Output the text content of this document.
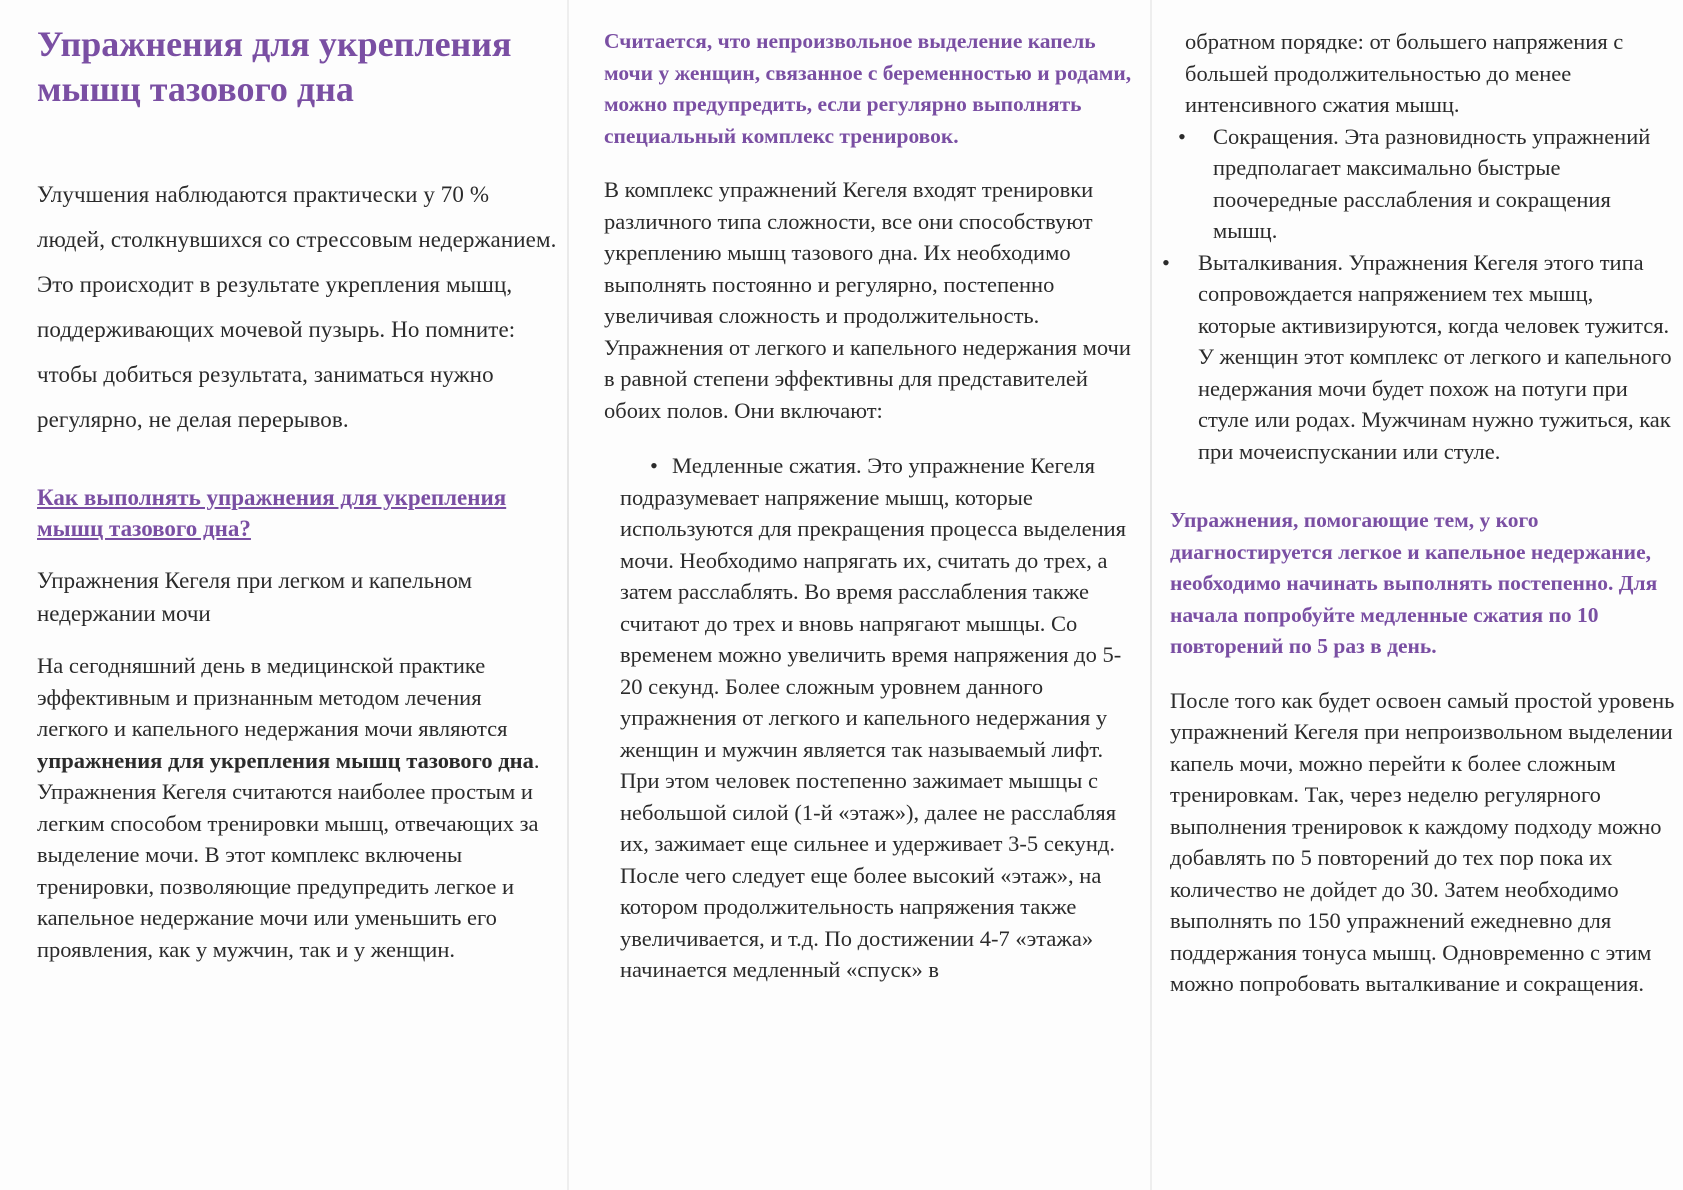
Упражнения для укрепления мышц тазового дна

Улучшения наблюдаются практически у 70 % людей, столкнувшихся со стрессовым недержанием. Это происходит в результате укрепления мышц, поддерживающих мочевой пузырь. Но помните: чтобы добиться результата, заниматься нужно регулярно, не делая перерывов.

Как выполнять упражнения для укрепления мышц тазового дна?

Упражнения Кегеля при легком и капельном недержании мочи

На сегодняшний день в медицинской практике эффективным и признанным методом лечения легкого и капельного недержания мочи являются упражнения для укрепления мышц тазового дна. Упражнения Кегеля считаются наиболее простым и легким способом тренировки мышц, отвечающих за выделение мочи. В этот комплекс включены тренировки, позволяющие предупредить легкое и капельное недержание мочи или уменьшить его проявления, как у мужчин, так и у женщин.

Считается, что непроизвольное выделение капель мочи у женщин, связанное с беременностью и родами, можно предупредить, если регулярно выполнять специальный комплекс тренировок.

В комплекс упражнений Кегеля входят тренировки различного типа сложности, все они способствуют укреплению мышц тазового дна. Их необходимо выполнять постоянно и регулярно, постепенно увеличивая сложность и продолжительность. Упражнения от легкого и капельного недержания мочи в равной степени эффективны для представителей обоих полов. Они включают:

• Медленные сжатия. Это упражнение Кегеля подразумевает напряжение мышц, которые используются для прекращения процесса выделения мочи. Необходимо напрягать их, считать до трех, а затем расслаблять. Во время расслабления также считают до трех и вновь напрягают мышцы. Со временем можно увеличить время напряжения до 5-20 секунд. Более сложным уровнем данного упражнения от легкого и капельного недержания у женщин и мужчин является так называемый лифт. При этом человек постепенно зажимает мышцы с небольшой силой (1-й «этаж»), далее не расслабляя их, зажимает еще сильнее и удерживает 3-5 секунд. После чего следует еще более высокий «этаж», на котором продолжительность напряжения также увеличивается, и т.д. По достижении 4-7 «этажа» начинается медленный «спуск» в

обратном порядке: от большего напряжения с большей продолжительностью до менее интенсивного сжатия мышц.

• Сокращения. Эта разновидность упражнений предполагает максимально быстрые поочередные расслабления и сокращения мышц.
• Выталкивания. Упражнения Кегеля этого типа сопровождается напряжением тех мышц, которые активизируются, когда человек тужится. У женщин этот комплекс от легкого и капельного недержания мочи будет похож на потуги при стуле или родах. Мужчинам нужно тужиться, как при мочеиспускании или стуле.

Упражнения, помогающие тем, у кого диагностируется легкое и капельное недержание, необходимо начинать выполнять постепенно. Для начала попробуйте медленные сжатия по 10 повторений по 5 раз в день.

После того как будет освоен самый простой уровень упражнений Кегеля при непроизвольном выделении капель мочи, можно перейти к более сложным тренировкам. Так, через неделю регулярного выполнения тренировок к каждому подходу можно добавлять по 5 повторений до тех пор пока их количество не дойдет до 30. Затем необходимо выполнять по 150 упражнений ежедневно для поддержания тонуса мышц. Одновременно с этим можно попробовать выталкивание и сокращения.
